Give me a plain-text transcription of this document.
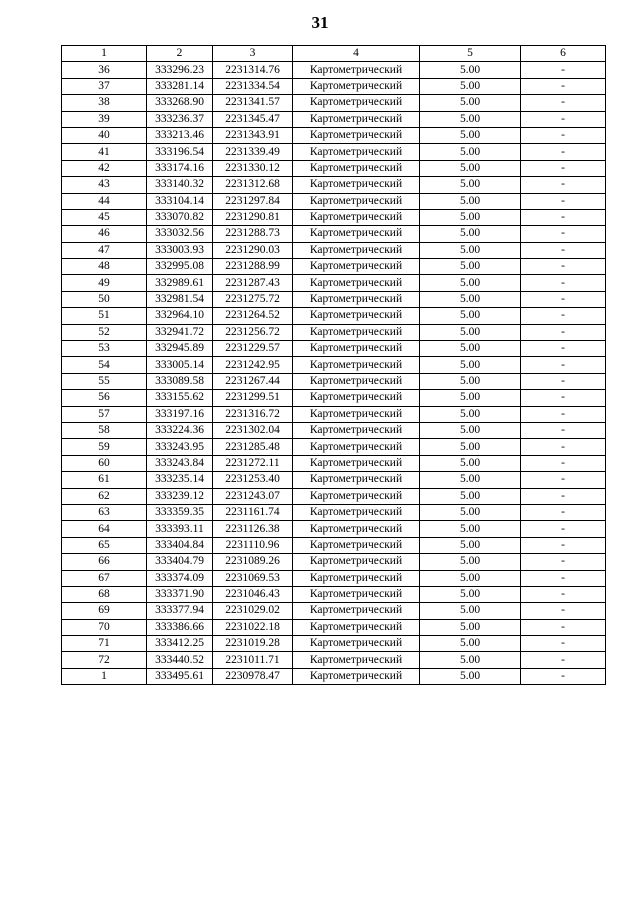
31
1	2	3	4	5	6
36	333296.23	2231314.76	Картометрический	5.00	-
37	333281.14	2231334.54	Картометрический	5.00	-
38	333268.90	2231341.57	Картометрический	5.00	-
39	333236.37	2231345.47	Картометрический	5.00	-
40	333213.46	2231343.91	Картометрический	5.00	-
41	333196.54	2231339.49	Картометрический	5.00	-
42	333174.16	2231330.12	Картометрический	5.00	-
43	333140.32	2231312.68	Картометрический	5.00	-
44	333104.14	2231297.84	Картометрический	5.00	-
45	333070.82	2231290.81	Картометрический	5.00	-
46	333032.56	2231288.73	Картометрический	5.00	-
47	333003.93	2231290.03	Картометрический	5.00	-
48	332995.08	2231288.99	Картометрический	5.00	-
49	332989.61	2231287.43	Картометрический	5.00	-
50	332981.54	2231275.72	Картометрический	5.00	-
51	332964.10	2231264.52	Картометрический	5.00	-
52	332941.72	2231256.72	Картометрический	5.00	-
53	332945.89	2231229.57	Картометрический	5.00	-
54	333005.14	2231242.95	Картометрический	5.00	-
55	333089.58	2231267.44	Картометрический	5.00	-
56	333155.62	2231299.51	Картометрический	5.00	-
57	333197.16	2231316.72	Картометрический	5.00	-
58	333224.36	2231302.04	Картометрический	5.00	-
59	333243.95	2231285.48	Картометрический	5.00	-
60	333243.84	2231272.11	Картометрический	5.00	-
61	333235.14	2231253.40	Картометрический	5.00	-
62	333239.12	2231243.07	Картометрический	5.00	-
63	333359.35	2231161.74	Картометрический	5.00	-
64	333393.11	2231126.38	Картометрический	5.00	-
65	333404.84	2231110.96	Картометрический	5.00	-
66	333404.79	2231089.26	Картометрический	5.00	-
67	333374.09	2231069.53	Картометрический	5.00	-
68	333371.90	2231046.43	Картометрический	5.00	-
69	333377.94	2231029.02	Картометрический	5.00	-
70	333386.66	2231022.18	Картометрический	5.00	-
71	333412.25	2231019.28	Картометрический	5.00	-
72	333440.52	2231011.71	Картометрический	5.00	-
1	333495.61	2230978.47	Картометрический	5.00	-
